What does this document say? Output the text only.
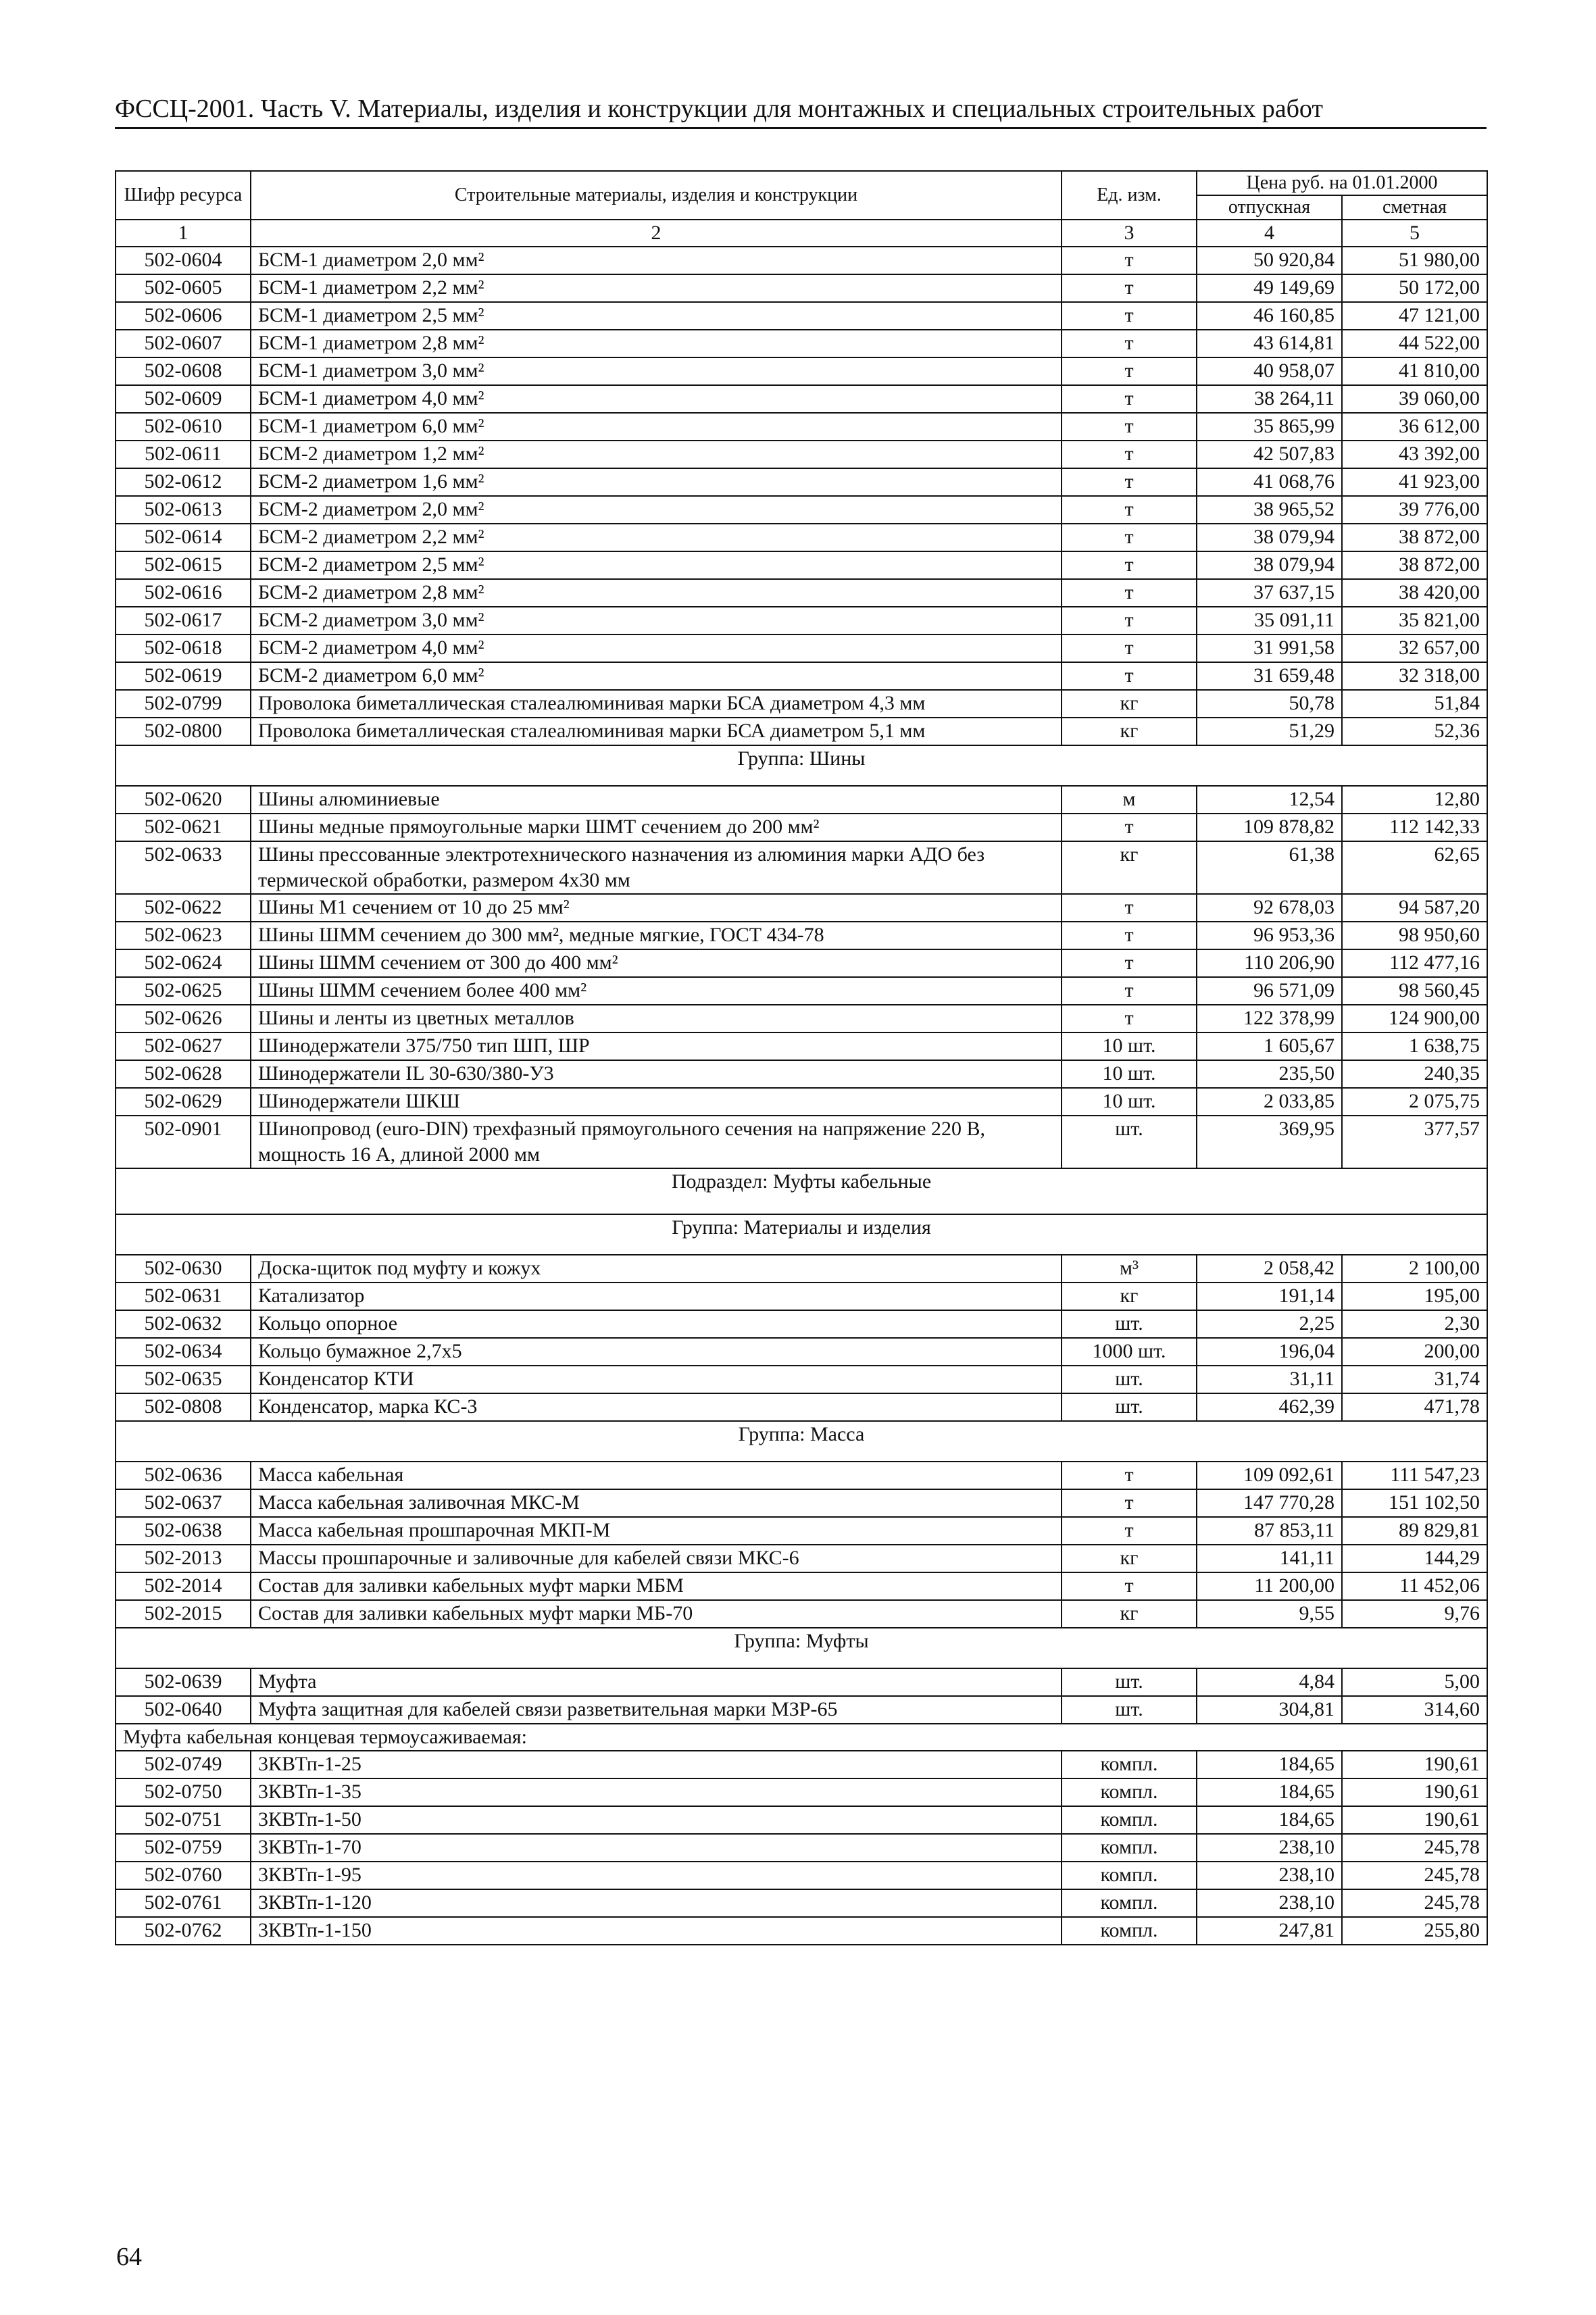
ФССЦ-2001. Часть V. Материалы, изделия и конструкции для монтажных и специальных строительных работ
Шифр ресурса	Строительные материалы, изделия и конструкции	Ед. изм.	Цена руб. на 01.01.2000	
			отпускная	сметная
1	2	3	4	5
502-0604	БСМ-1 диаметром 2,0 мм²	т	50 920,84	51 980,00
502-0605	БСМ-1 диаметром 2,2 мм²	т	49 149,69	50 172,00
502-0606	БСМ-1 диаметром 2,5 мм²	т	46 160,85	47 121,00
502-0607	БСМ-1 диаметром 2,8 мм²	т	43 614,81	44 522,00
502-0608	БСМ-1 диаметром 3,0 мм²	т	40 958,07	41 810,00
502-0609	БСМ-1 диаметром 4,0 мм²	т	38 264,11	39 060,00
502-0610	БСМ-1 диаметром 6,0 мм²	т	35 865,99	36 612,00
502-0611	БСМ-2 диаметром 1,2 мм²	т	42 507,83	43 392,00
502-0612	БСМ-2 диаметром 1,6 мм²	т	41 068,76	41 923,00
502-0613	БСМ-2 диаметром 2,0 мм²	т	38 965,52	39 776,00
502-0614	БСМ-2 диаметром 2,2 мм²	т	38 079,94	38 872,00
502-0615	БСМ-2 диаметром 2,5 мм²	т	38 079,94	38 872,00
502-0616	БСМ-2 диаметром 2,8 мм²	т	37 637,15	38 420,00
502-0617	БСМ-2 диаметром 3,0 мм²	т	35 091,11	35 821,00
502-0618	БСМ-2 диаметром 4,0 мм²	т	31 991,58	32 657,00
502-0619	БСМ-2 диаметром 6,0 мм²	т	31 659,48	32 318,00
502-0799	Проволока биметаллическая сталеалюминивая марки БСА диаметром 4,3 мм	кг	50,78	51,84
502-0800	Проволока биметаллическая сталеалюминивая марки БСА диаметром 5,1 мм	кг	51,29	52,36
Группа: Шины				
502-0620	Шины алюминиевые	м	12,54	12,80
502-0621	Шины медные прямоугольные марки ШМТ сечением до 200 мм²	т	109 878,82	112 142,33
502-0633	Шины прессованные электротехнического назначения из алюминия марки АДО без термической обработки, размером 4х30 мм	кг	61,38	62,65
502-0622	Шины М1 сечением от 10 до 25 мм²	т	92 678,03	94 587,20
502-0623	Шины ШММ сечением до 300 мм², медные мягкие, ГОСТ 434-78	т	96 953,36	98 950,60
502-0624	Шины ШММ сечением от 300 до 400 мм²	т	110 206,90	112 477,16
502-0625	Шины ШММ сечением более 400 мм²	т	96 571,09	98 560,45
502-0626	Шины и ленты из цветных металлов	т	122 378,99	124 900,00
502-0627	Шинодержатели 375/750 тип ШП, ШР	10 шт.	1 605,67	1 638,75
502-0628	Шинодержатели IL 30-630/380-У3	10 шт.	235,50	240,35
502-0629	Шинодержатели ШКШ	10 шт.	2 033,85	2 075,75
502-0901	Шинопровод (euro-DIN) трехфазный прямоугольного сечения на напряжение 220 В, мощность 16 А, длиной 2000 мм	шт.	369,95	377,57
Подраздел: Муфты кабельные				
Группа: Материалы и изделия				
502-0630	Доска-щиток под муфту и кожух	м³	2 058,42	2 100,00
502-0631	Катализатор	кг	191,14	195,00
502-0632	Кольцо опорное	шт.	2,25	2,30
502-0634	Кольцо бумажное 2,7х5	1000 шт.	196,04	200,00
502-0635	Конденсатор КТИ	шт.	31,11	31,74
502-0808	Конденсатор, марка КС-3	шт.	462,39	471,78
Группа: Масса				
502-0636	Масса кабельная	т	109 092,61	111 547,23
502-0637	Масса кабельная заливочная МКС-М	т	147 770,28	151 102,50
502-0638	Масса кабельная прошпарочная МКП-М	т	87 853,11	89 829,81
502-2013	Массы прошпарочные и заливочные для кабелей связи МКС-6	кг	141,11	144,29
502-2014	Состав для заливки кабельных муфт марки МБМ	т	11 200,00	11 452,06
502-2015	Состав для заливки кабельных муфт марки МБ-70	кг	9,55	9,76
Группа: Муфты				
502-0639	Муфта	шт.	4,84	5,00
502-0640	Муфта защитная для кабелей связи разветвительная марки МЗР-65	шт.	304,81	314,60
Муфта кабельная концевая термоусаживаемая:				
502-0749	3КВТп-1-25	компл.	184,65	190,61
502-0750	3КВТп-1-35	компл.	184,65	190,61
502-0751	3КВТп-1-50	компл.	184,65	190,61
502-0759	3КВТп-1-70	компл.	238,10	245,78
502-0760	3КВТп-1-95	компл.	238,10	245,78
502-0761	3КВТп-1-120	компл.	238,10	245,78
502-0762	3КВТп-1-150	компл.	247,81	255,80
64
